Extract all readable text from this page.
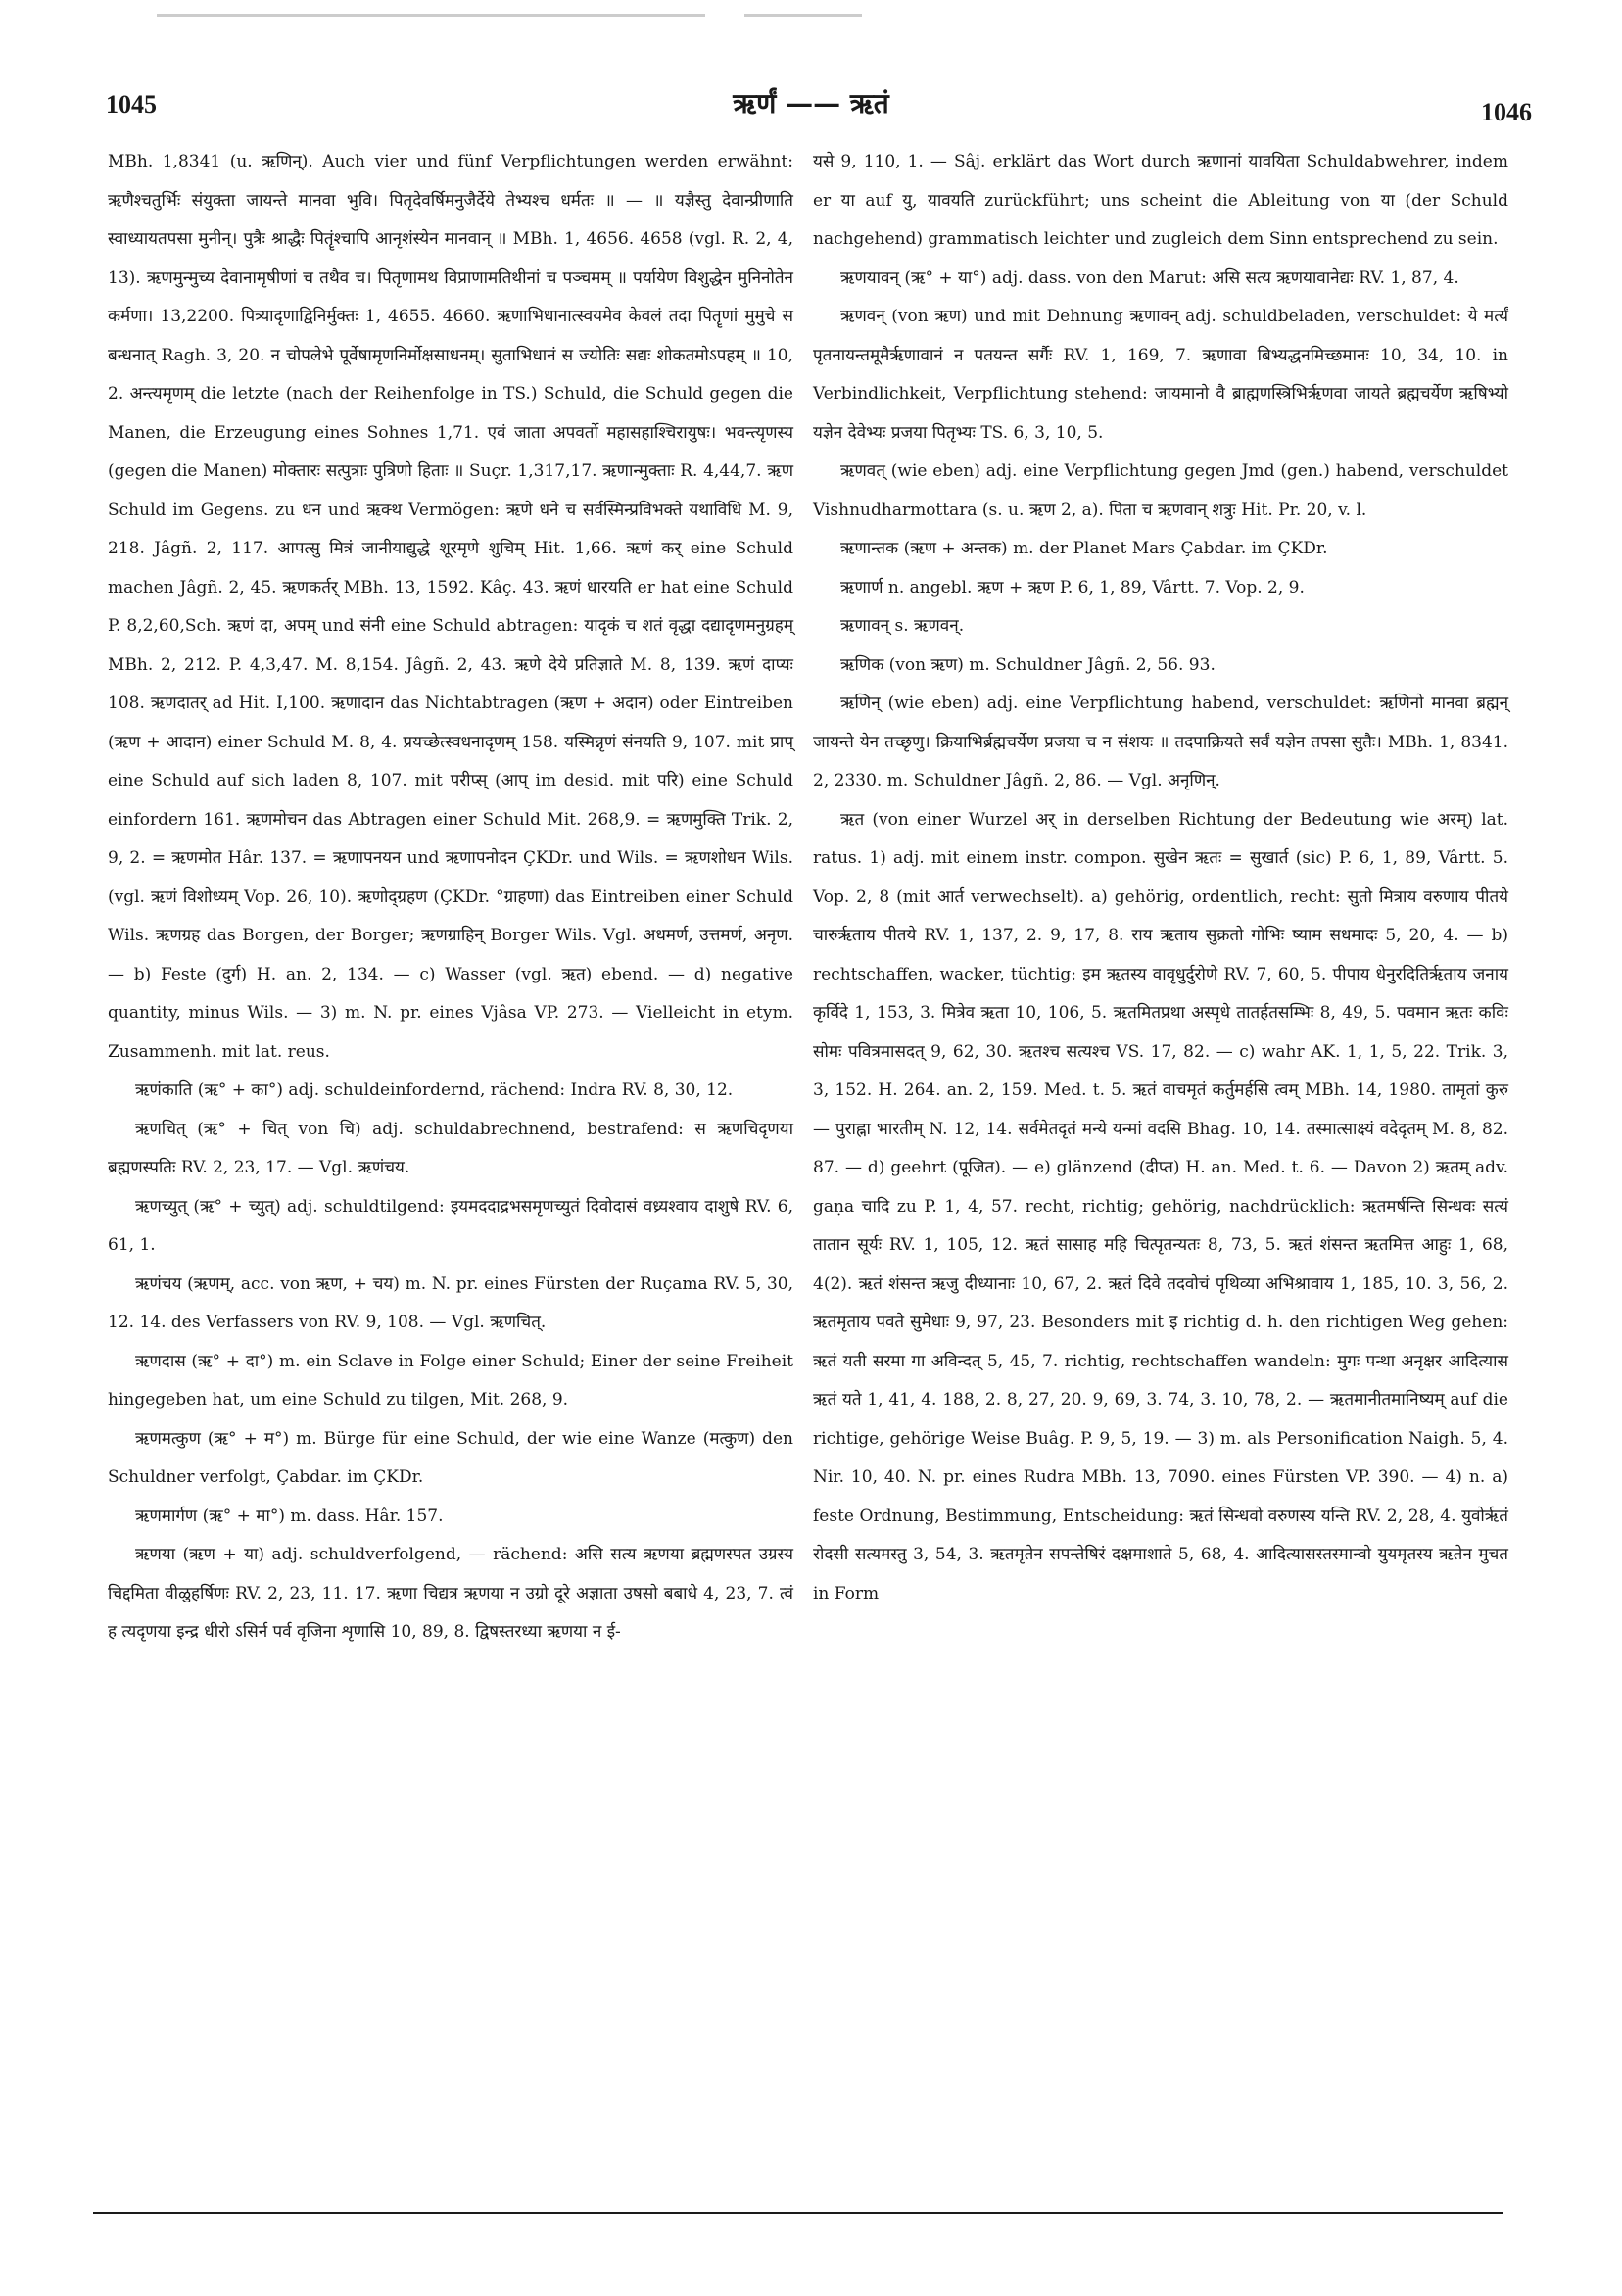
1045	ऋर्णं —— ऋतं	1046

MBh. 1,8341 (u. ऋणिन्). Auch vier und fünf Verpflichtungen werden erwähnt: ऋणैश्चतुर्भिः संयुक्ता जायन्ते मानवा भुवि। पितृदेवर्षिमनुजैर्देये तेभ्यश्च धर्मतः ॥ — ॥ यज्ञैस्तु देवान्प्रीणाति स्वाध्यायतपसा मुनीन्। पुत्रैः श्राद्धैः पितॄंश्चापि आनृशंस्येन मानवान् ॥ MBh. 1, 4656. 4658 (vgl. R. 2, 4, 13). ऋणमुन्मुच्य देवानामृषीणां च तथैव च। पितृणामथ विप्राणामतिथीनां च पञ्चमम् ॥ पर्यायेण विशुद्धेन मुनिनोतेन कर्मणा। 13,2200. पित्र्यादृणाद्विनिर्मुक्तः 1, 4655. 4660. ऋणाभिधानात्स्वयमेव केवलं तदा पितॄणां मुमुचे स बन्धनात् Ragh. 3, 20. न चोपलेभे पूर्वेषामृणनिर्मोक्षसाधनम्। सुताभिधानं स ज्योतिः सद्यः शोकतमोऽपहम् ॥ 10, 2. अन्त्यमृणम् die letzte (nach der Reihenfolge in TS.) Schuld, die Schuld gegen die Manen, die Erzeugung eines Sohnes 1,71. एवं जाता अपवर्तो महासहाश्चिरायुषः। भवन्त्यृणस्य (gegen die Manen) मोक्तारः सत्पुत्राः पुत्रिणो हिताः ॥ Suçr. 1,317,17. ऋणान्मुक्ताः R. 4,44,7. ऋण Schuld im Gegens. zu धन und ऋक्थ Vermögen: ऋणे धने च सर्वस्मिन्प्रविभक्ते यथाविधि M. 9, 218. Jâgñ. 2, 117. आपत्सु मित्रं जानीयाद्युद्धे शूरमृणे शुचिम् Hit. 1,66. ऋणं कर् eine Schuld machen Jâgñ. 2, 45. ऋणकर्तर् MBh. 13, 1592. Kâç. 43. ऋणं धारयति er hat eine Schuld P. 8,2,60,Sch. ऋणं दा, अपम् und संनी eine Schuld abtragen: यादृकं च शतं वृद्धा दद्यादृणमनुग्रहम् MBh. 2, 212. P. 4,3,47. M. 8,154. Jâgñ. 2, 43. ऋणे देये प्रतिज्ञाते M. 8, 139. ऋणं दाप्यः 108. ऋणदातर् ad Hit. I,100. ऋणादान das Nichtabtragen (ऋण + अदान) oder Eintreiben (ऋण + आदान) einer Schuld M. 8, 4. प्रयच्छेत्स्वधनादृणम् 158. यस्मिन्नृणं संनयति 9, 107. mit प्राप् eine Schuld auf sich laden 8, 107. mit परीप्स् (आप् im desid. mit परि) eine Schuld einfordern 161. ऋणमोचन das Abtragen einer Schuld Mit. 268,9. = ऋणमुक्ति Trik. 2, 9, 2. = ऋणमोत Hâr. 137. = ऋणापनयन und ऋणापनोदन ÇKDr. und Wils. = ऋणशोधन Wils. (vgl. ऋणं विशोध्यम् Vop. 26, 10). ऋणोद्ग्रहण (ÇKDr. °ग्राहणा) das Eintreiben einer Schuld Wils. ऋणग्रह das Borgen, der Borger; ऋणग्राहिन् Borger Wils. Vgl. अधमर्ण, उत्तमर्ण, अनृण. — b) Feste (दुर्ग) H. an. 2, 134. — c) Wasser (vgl. ऋत) ebend. — d) negative quantity, minus Wils. — 3) m. N. pr. eines Vjâsa VP. 273. — Vielleicht in etym. Zusammenh. mit lat. reus.

ऋणंकाति (ऋ° + का°) adj. schuldeinfordernd, rächend: Indra RV. 8, 30, 12.

ऋणचित् (ऋ° + चित् von चि) adj. schuldabrechnend, bestrafend: स ऋणचिदृणया ब्रह्मणस्पतिः RV. 2, 23, 17. — Vgl. ऋणंचय.

ऋणच्युत् (ऋ° + च्युत्) adj. schuldtilgend: इयमददाद्रभसमृणच्युतं दिवोदासं वध्र्यश्वाय दाशुषे RV. 6, 61, 1.

ऋणंचय (ऋणम्, acc. von ऋण, + चय) m. N. pr. eines Fürsten der Ruçama RV. 5, 30, 12. 14. des Verfassers von RV. 9, 108. — Vgl. ऋणचित्.

ऋणदास (ऋ° + दा°) m. ein Sclave in Folge einer Schuld; Einer der seine Freiheit hingegeben hat, um eine Schuld zu tilgen, Mit. 268, 9.

ऋणमत्कुण (ऋ° + म°) m. Bürge für eine Schuld, der wie eine Wanze (मत्कुण) den Schuldner verfolgt, Çabdar. im ÇKDr.

ऋणमार्गण (ऋ° + मा°) m. dass. Hâr. 157.

ऋणया (ऋण + या) adj. schuldverfolgend, — rächend: असि सत्य ऋणया ब्रह्मणस्पत उग्रस्य चिद्दमिता वीळुहर्षिणः RV. 2, 23, 11. 17. ऋणा चिद्यत्र ऋणया न उग्रो दूरे अज्ञाता उषसो बबाधे 4, 23, 7. त्वं ह त्यदृणया इन्द्र धीरो ऽसिर्न पर्व वृजिना शृणासि 10, 89, 8. द्विषस्तरध्या ऋणया न ई-

यसे 9, 110, 1. — Sâj. erklärt das Wort durch ऋणानां यावयिता Schuldabwehrer, indem er या auf यु, यावयति zurückführt; uns scheint die Ableitung von या (der Schuld nachgehend) grammatisch leichter und zugleich dem Sinn entsprechend zu sein.

ऋणयावन् (ऋ° + या°) adj. dass. von den Marut: असि सत्य ऋणयावानेद्यः RV. 1, 87, 4.

ऋणवन् (von ऋण) und mit Dehnung ऋणावन् adj. schuldbeladen, verschuldet: ये मर्त्यं पृतनायन्तमूमैरृणावानं न पतयन्त सर्गैः RV. 1, 169, 7. ऋणावा बिभ्यद्धनमिच्छमानः 10, 34, 10. in Verbindlichkeit, Verpflichtung stehend: जायमानो वै ब्राह्मणस्त्रिभिर्ऋणवा जायते ब्रह्मचर्येण ऋषिभ्यो यज्ञेन देवेभ्यः प्रजया पितृभ्यः TS. 6, 3, 10, 5.

ऋणवत् (wie eben) adj. eine Verpflichtung gegen Jmd (gen.) habend, verschuldet Vishnudharmottara (s. u. ऋण 2, a). पिता च ऋणवान् शत्रुः Hit. Pr. 20, v. l.

ऋणान्तक (ऋण + अन्तक) m. der Planet Mars Çabdar. im ÇKDr.

ऋणार्ण n. angebl. ऋण + ऋण P. 6, 1, 89, Vârtt. 7. Vop. 2, 9.

ऋणावन् s. ऋणवन्.

ऋणिक (von ऋण) m. Schuldner Jâgñ. 2, 56. 93.

ऋणिन् (wie eben) adj. eine Verpflichtung habend, verschuldet: ऋणिनो मानवा ब्रह्मन् जायन्ते येन तच्छृणु। क्रियाभिर्ब्रह्मचर्येण प्रजया च न संशयः ॥ तदपाक्रियते सर्वं यज्ञेन तपसा सुतैः। MBh. 1, 8341. 2, 2330. m. Schuldner Jâgñ. 2, 86. — Vgl. अनृणिन्.

ऋत (von einer Wurzel अर् in derselben Richtung der Bedeutung wie अरम्) lat. ratus. 1) adj. mit einem instr. compon. सुखेन ऋतः = सुखार्त (sic) P. 6, 1, 89, Vârtt. 5. Vop. 2, 8 (mit आर्त verwechselt). a) gehörig, ordentlich, recht: सुतो मित्राय वरुणाय पीतये चारुर्ऋताय पीतये RV. 1, 137, 2. 9, 17, 8. राय ऋताय सुक्रतो गोभिः ष्याम सधमादः 5, 20, 4. — b) rechtschaffen, wacker, tüchtig: इम ऋतस्य वावृधुर्दुरोणे RV. 7, 60, 5. पीपाय धेनुरदितिर्ऋताय जनाय कृर्विदे 1, 153, 3. मित्रेव ऋता 10, 106, 5. ऋतमितप्रथा अस्पृधे तातर्हतसम्भिः 8, 49, 5. पवमान ऋतः कविः सोमः पवित्रमासदत् 9, 62, 30. ऋतश्च सत्यश्च VS. 17, 82. — c) wahr AK. 1, 1, 5, 22. Trik. 3, 3, 152. H. 264. an. 2, 159. Med. t. 5. ऋतं वाचमृतं कर्तुमर्हसि त्वम् MBh. 14, 1980. तामृतां कुरु — पुराह्ना भारतीम् N. 12, 14. सर्वमेतदृतं मन्ये यन्मां वदसि Bhag. 10, 14. तस्मात्साक्ष्यं वदेदृतम् M. 8, 82. 87. — d) geehrt (पूजित). — e) glänzend (दीप्त) H. an. Med. t. 6. — Davon 2) ऋतम् adv. gaṇa चादि zu P. 1, 4, 57. recht, richtig; gehörig, nachdrücklich: ऋतमर्षन्ति सिन्धवः सत्यं तातान सूर्यः RV. 1, 105, 12. ऋतं सासाह महि चित्पृतन्यतः 8, 73, 5. ऋतं शंसन्त ऋतमित्त आहुः 1, 68, 4(2). ऋतं शंसन्त ऋजु दीध्यानाः 10, 67, 2. ऋतं दिवे तदवोचं पृथिव्या अभिश्रावाय 1, 185, 10. 3, 56, 2. ऋतमृताय पवते सुमेधाः 9, 97, 23. Besonders mit इ richtig d. h. den richtigen Weg gehen: ऋतं यती सरमा गा अविन्दत् 5, 45, 7. richtig, rechtschaffen wandeln: मुगः पन्था अनृक्षर आदित्यास ऋतं यते 1, 41, 4. 188, 2. 8, 27, 20. 9, 69, 3. 74, 3. 10, 78, 2. — ऋतमानीतमानिष्यम् auf die richtige, gehörige Weise Buâg. P. 9, 5, 19. — 3) m. als Personification Naigh. 5, 4. Nir. 10, 40. N. pr. eines Rudra MBh. 13, 7090. eines Fürsten VP. 390. — 4) n. a) feste Ordnung, Bestimmung, Entscheidung: ऋतं सिन्धवो वरुणस्य यन्ति RV. 2, 28, 4. युवोर्ऋतं रोदसी सत्यमस्तु 3, 54, 3. ऋतमृतेन सपन्तेषिरं दक्षमाशाते 5, 68, 4. आदित्यासस्तस्मान्वो युयमृतस्य ऋतेन मुचत in Form
